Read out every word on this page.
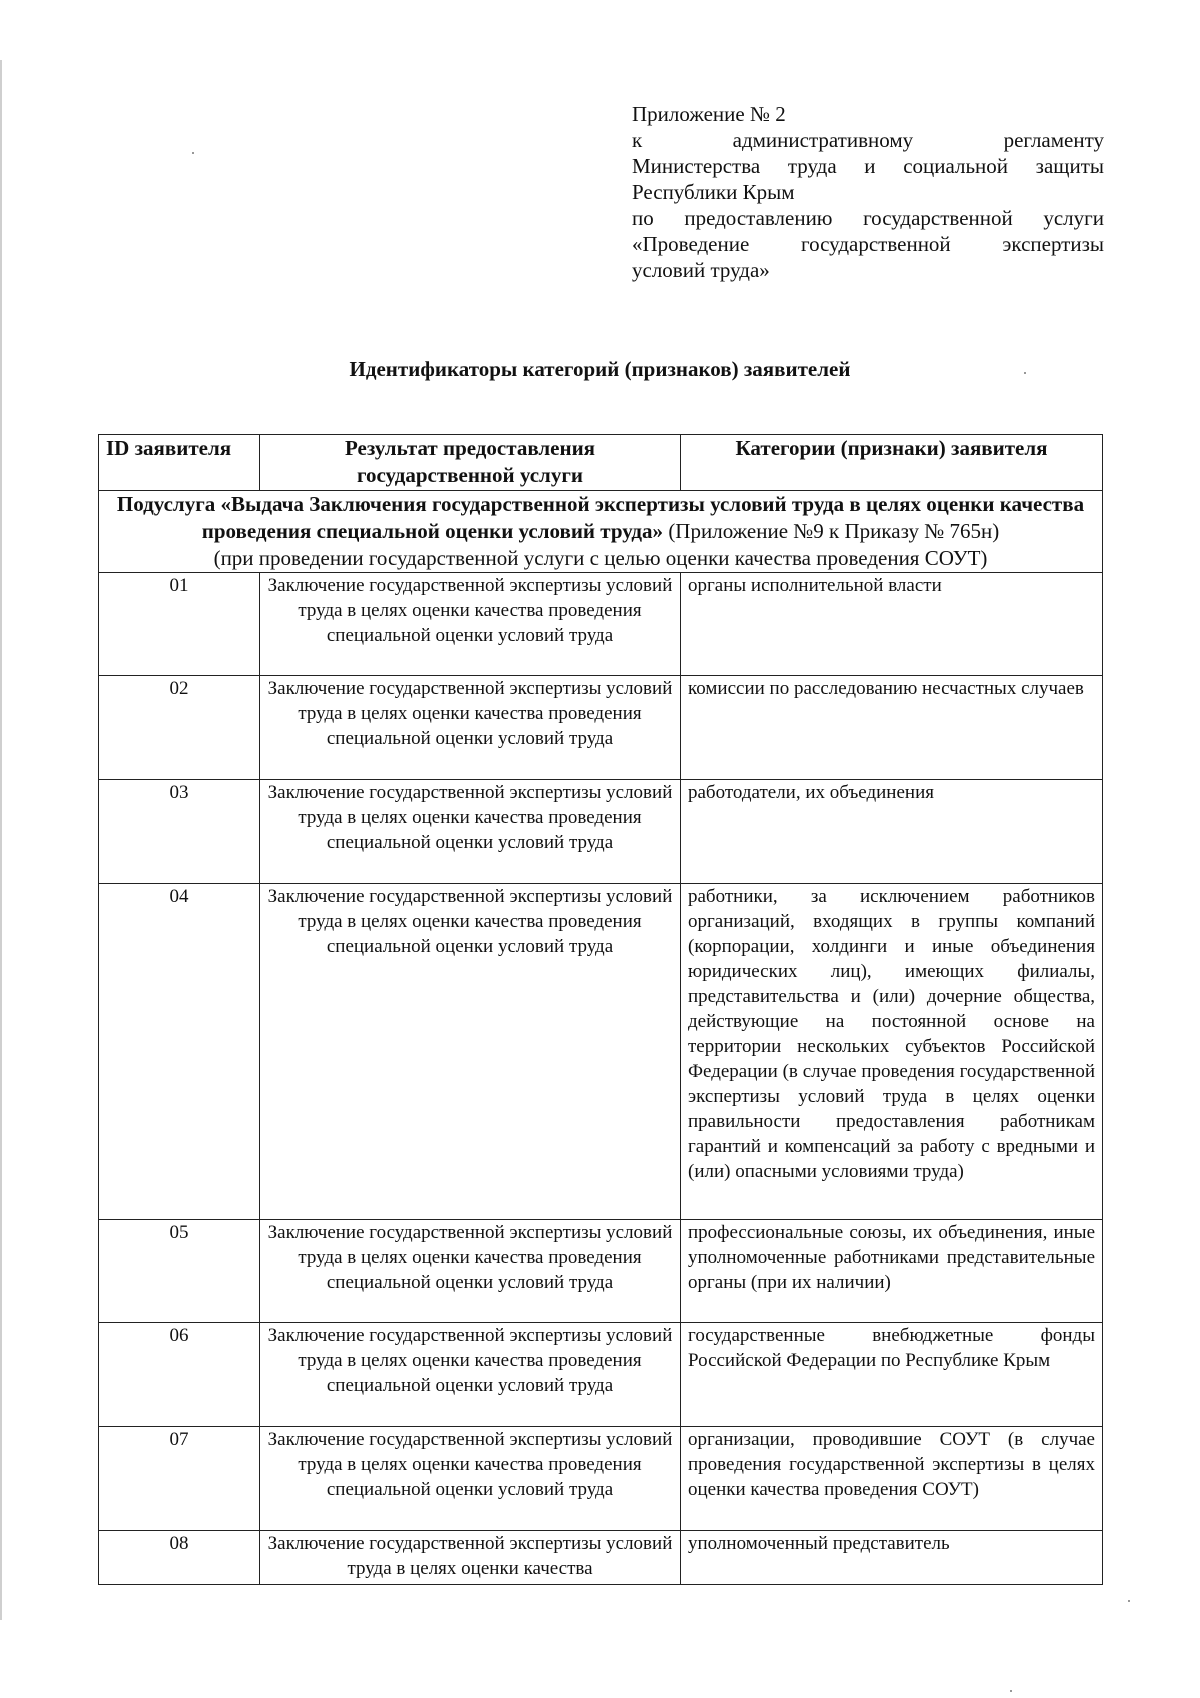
Приложение № 2
к административному регламенту
Министерства труда и социальной защиты
Республики Крым
по предоставлению государственной услуги
«Проведение государственной экспертизы
условий труда»
Идентификаторы категорий (признаков) заявителей
ID заявителя	Результат предоставления государственной услуги	Категории (признаки) заявителя
Подуслуга «Выдача Заключения государственной экспертизы условий труда в целях оценки качества проведения специальной оценки условий труда» (Приложение №9 к Приказу № 765н)
(при проведении государственной услуги с целью оценки качества проведения СОУТ)		
01	Заключение государственной экспертизы условий труда в целях оценки качества проведения специальной оценки условий труда	органы исполнительной власти
02	Заключение государственной экспертизы условий труда в целях оценки качества проведения специальной оценки условий труда	комиссии по расследованию несчастных случаев
03	Заключение государственной экспертизы условий труда в целях оценки качества проведения специальной оценки условий труда	работодатели, их объединения
04	Заключение государственной экспертизы условий труда в целях оценки качества проведения специальной оценки условий труда	работники, за исключением работников организаций, входящих в группы компаний (корпорации, холдинги и иные объединения юридических лиц), имеющих филиалы, представительства и (или) дочерние общества, действующие на постоянной основе на территории нескольких субъектов Российской Федерации (в случае проведения государственной экспертизы условий труда в целях оценки правильности предоставления работникам гарантий и компенсаций за работу с вредными и (или) опасными условиями труда)
05	Заключение государственной экспертизы условий труда в целях оценки качества проведения специальной оценки условий труда	профессиональные союзы, их объединения, иные уполномоченные работниками представительные органы (при их наличии)
06	Заключение государственной экспертизы условий труда в целях оценки качества проведения специальной оценки условий труда	государственные внебюджетные фонды Российской Федерации по Республике Крым
07	Заключение государственной экспертизы условий труда в целях оценки качества проведения специальной оценки условий труда	организации, проводившие СОУТ (в случае проведения государственной экспертизы в целях оценки качества проведения СОУТ)
08	Заключение государственной экспертизы условий труда в целях оценки качества	уполномоченный представитель
